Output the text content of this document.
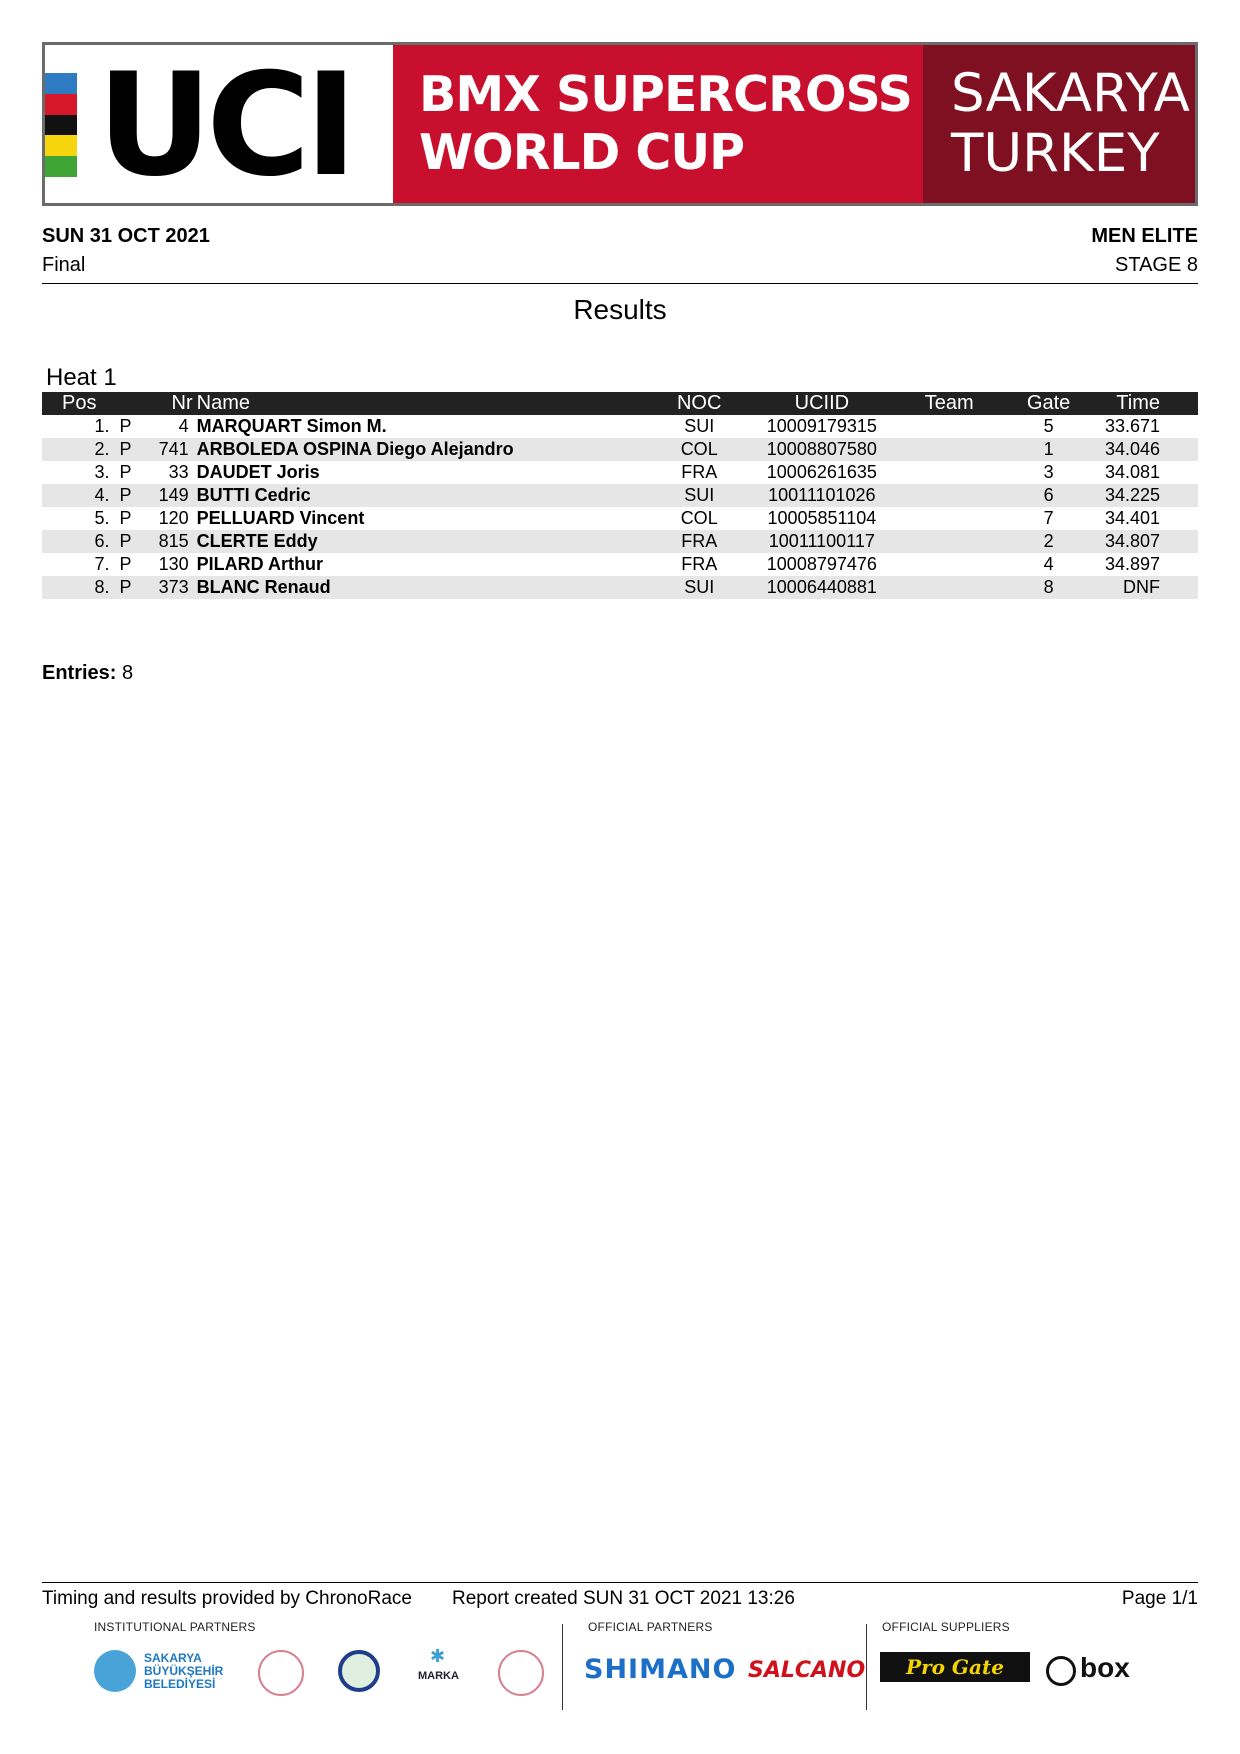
UCI BMX SUPERCROSS
WORLD CUP
SAKARYA
TURKEY
SUN 31 OCT 2021
Final
MEN ELITE
STAGE 8
Results
Heat 1
Pos		Nr	Name	NOC	UCIID	Team	Gate	Time
1.	P	4	MARQUART Simon M.	SUI	10009179315		5	33.671
2.	P	741	ARBOLEDA OSPINA Diego Alejandro	COL	10008807580		1	34.046
3.	P	33	DAUDET Joris	FRA	10006261635		3	34.081
4.	P	149	BUTTI Cedric	SUI	10011101026		6	34.225
5.	P	120	PELLUARD Vincent	COL	10005851104		7	34.401
6.	P	815	CLERTE Eddy	FRA	10011100117		2	34.807
7.	P	130	PILARD Arthur	FRA	10008797476		4	34.897
8.	P	373	BLANC Renaud	SUI	10006440881		8	DNF
Entries: 8
Timing and results provided by ChronoRace Report created SUN 31 OCT 2021 13:26	Page 1/1
INSTITUTIONAL PARTNERS	OFFICIAL PARTNERS	OFFICIAL SUPPLIERS
SAKARYA
BÜYÜKŞEHİR
BELEDİYESİ
✱
MARKA	SHIMANO SALCANO	Pro Gate	box
